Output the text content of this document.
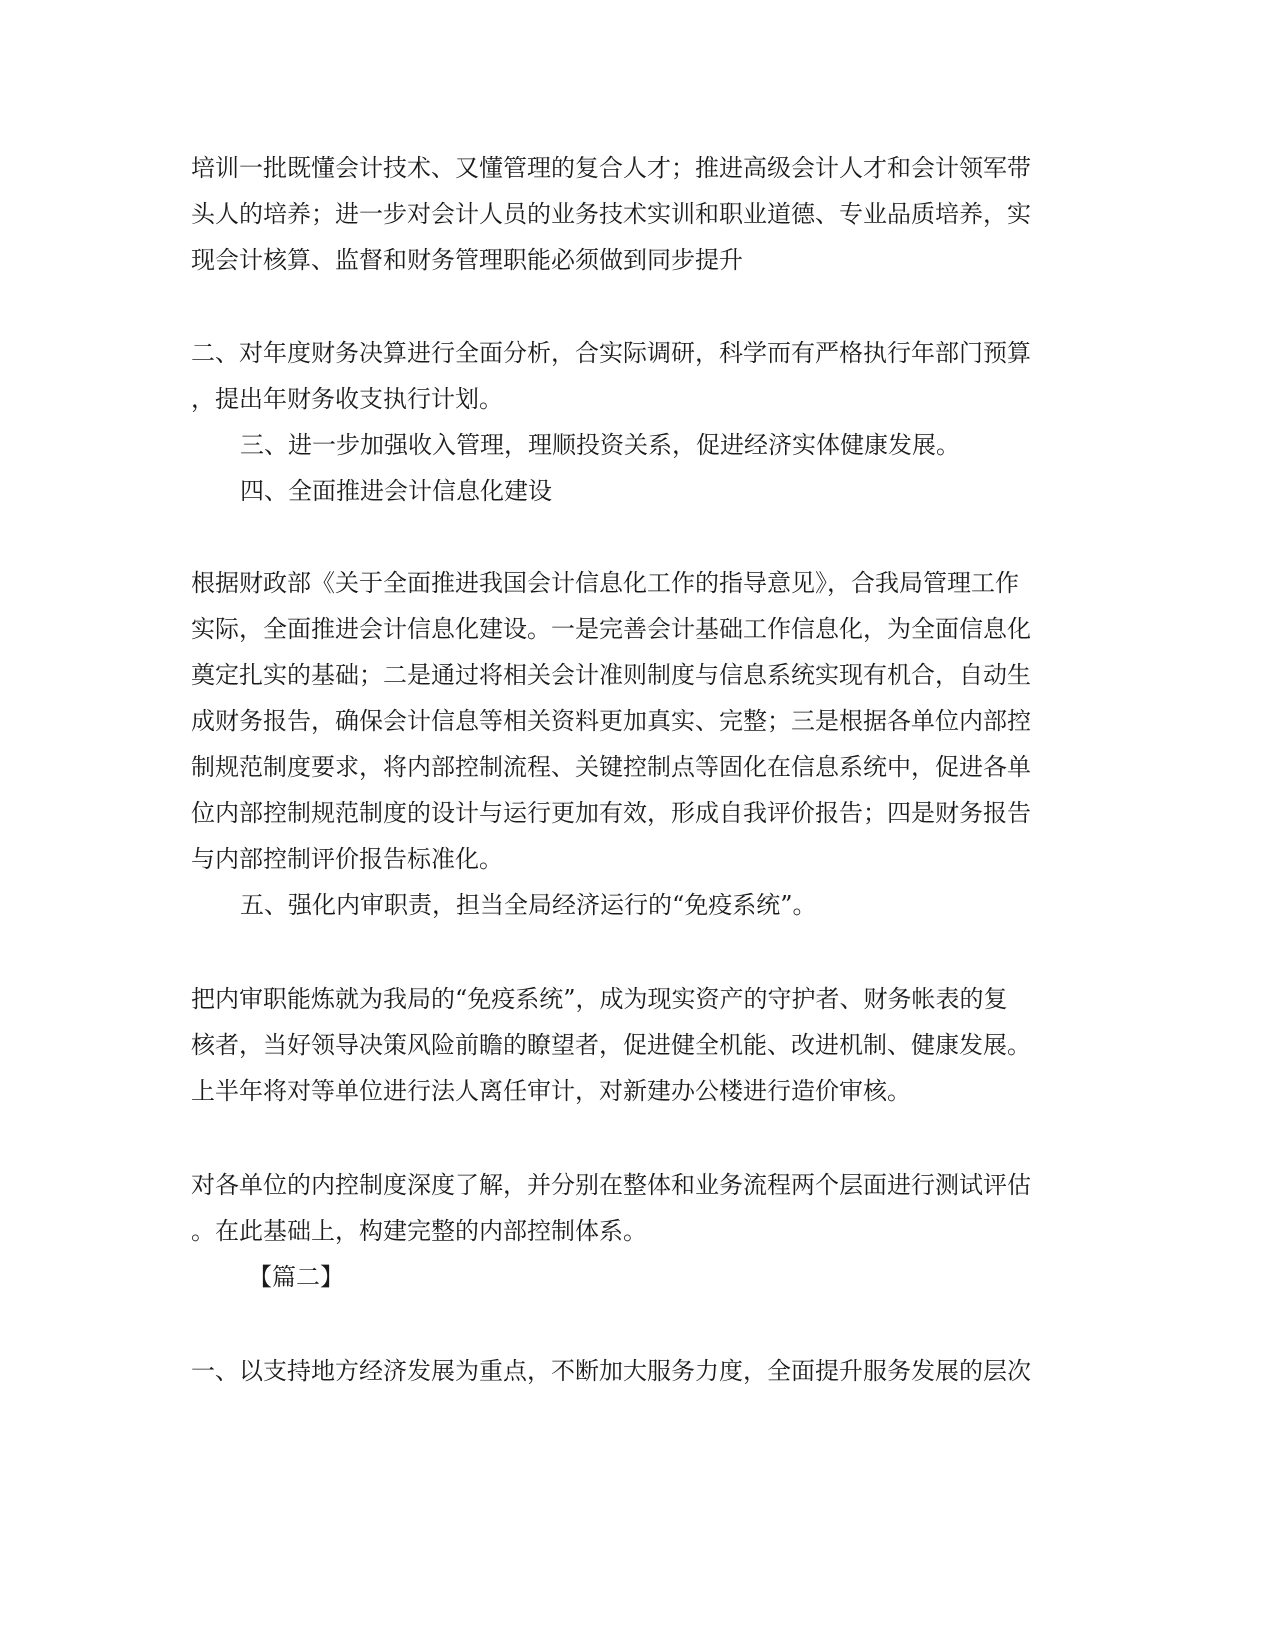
培训一批既懂会计技术、又懂管理的复合人才；推进高级会计人才和会计领军带
头人的培养；进一步对会计人员的业务技术实训和职业道德、专业品质培养，实
现会计核算、监督和财务管理职能必须做到同步提升
二、对年度财务决算进行全面分析，合实际调研，科学而有严格执行年部门预算
，提出年财务收支执行计划。
三、进一步加强收入管理，理顺投资关系，促进经济实体健康发展。
四、全面推进会计信息化建设
根据财政部《关于全面推进我国会计信息化工作的指导意见》，合我局管理工作
实际，全面推进会计信息化建设。一是完善会计基础工作信息化，为全面信息化
奠定扎实的基础；二是通过将相关会计准则制度与信息系统实现有机合，自动生
成财务报告，确保会计信息等相关资料更加真实、完整；三是根据各单位内部控
制规范制度要求，将内部控制流程、关键控制点等固化在信息系统中，促进各单
位内部控制规范制度的设计与运行更加有效，形成自我评价报告；四是财务报告
与内部控制评价报告标准化。
五、强化内审职责，担当全局经济运行的“免疫系统”。
把内审职能炼就为我局的“免疫系统”，成为现实资产的守护者、财务帐表的复
核者，当好领导决策风险前瞻的瞭望者，促进健全机能、改进机制、健康发展。
上半年将对等单位进行法人离任审计，对新建办公楼进行造价审核。
对各单位的内控制度深度了解，并分别在整体和业务流程两个层面进行测试评估
。在此基础上，构建完整的内部控制体系。
【篇二】
一、以支持地方经济发展为重点，不断加大服务力度，全面提升服务发展的层次
